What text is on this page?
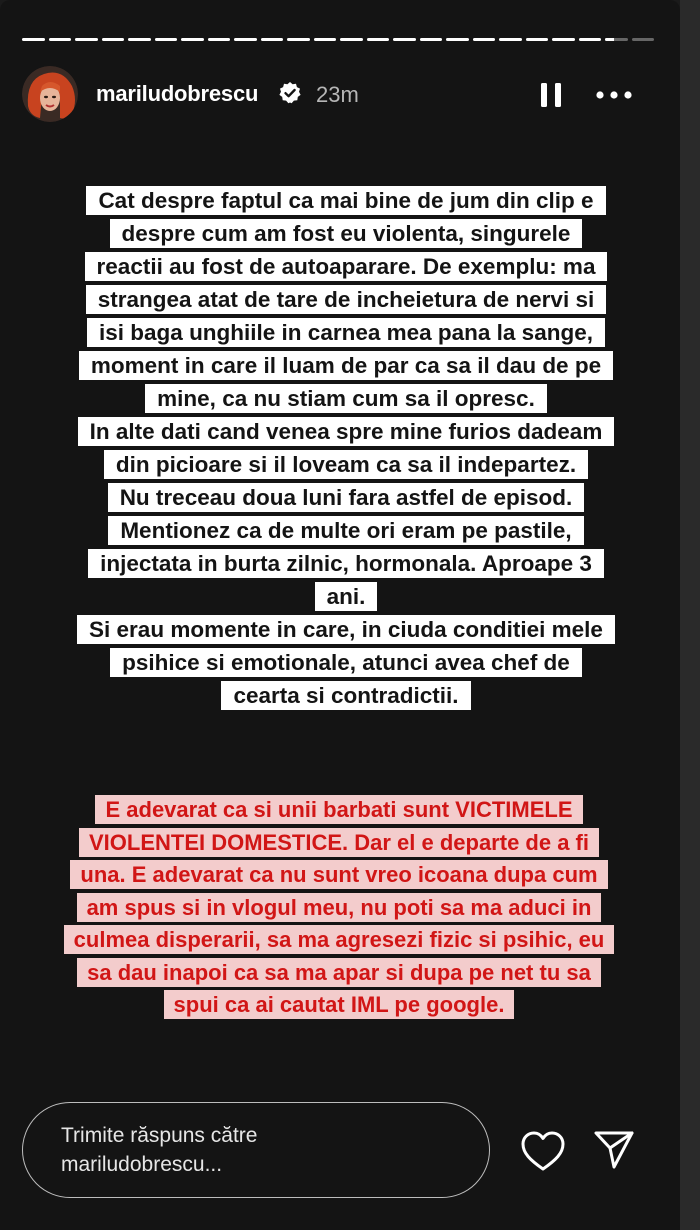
mariludobrescu	23m
Cat despre faptul ca mai bine de jum din clip e
despre cum am fost eu violenta, singurele
reactii au fost de autoaparare. De exemplu: ma
strangea atat de tare de incheietura de nervi si
isi baga unghiile in carnea mea pana la sange,
moment in care il luam de par ca sa il dau de pe
mine, ca nu stiam cum sa il opresc.
In alte dati cand venea spre mine furios dadeam
din picioare si il loveam ca sa il indepartez.
Nu treceau doua luni fara astfel de episod.
Mentionez ca de multe ori eram pe pastile,
injectata in burta zilnic, hormonala. Aproape 3
ani.
Si erau momente in care, in ciuda conditiei mele
psihice si emotionale, atunci avea chef de
cearta si contradictii.
E adevarat ca si unii barbati sunt VICTIMELE
VIOLENTEI DOMESTICE. Dar el e departe de a fi
una. E adevarat ca nu sunt vreo icoana dupa cum
am spus si in vlogul meu, nu poti sa ma aduci in
culmea disperarii, sa ma agresezi fizic si psihic, eu
sa dau inapoi ca sa ma apar si dupa pe net tu sa
spui ca ai cautat IML pe google.
Trimite răspuns către
mariludobrescu...
